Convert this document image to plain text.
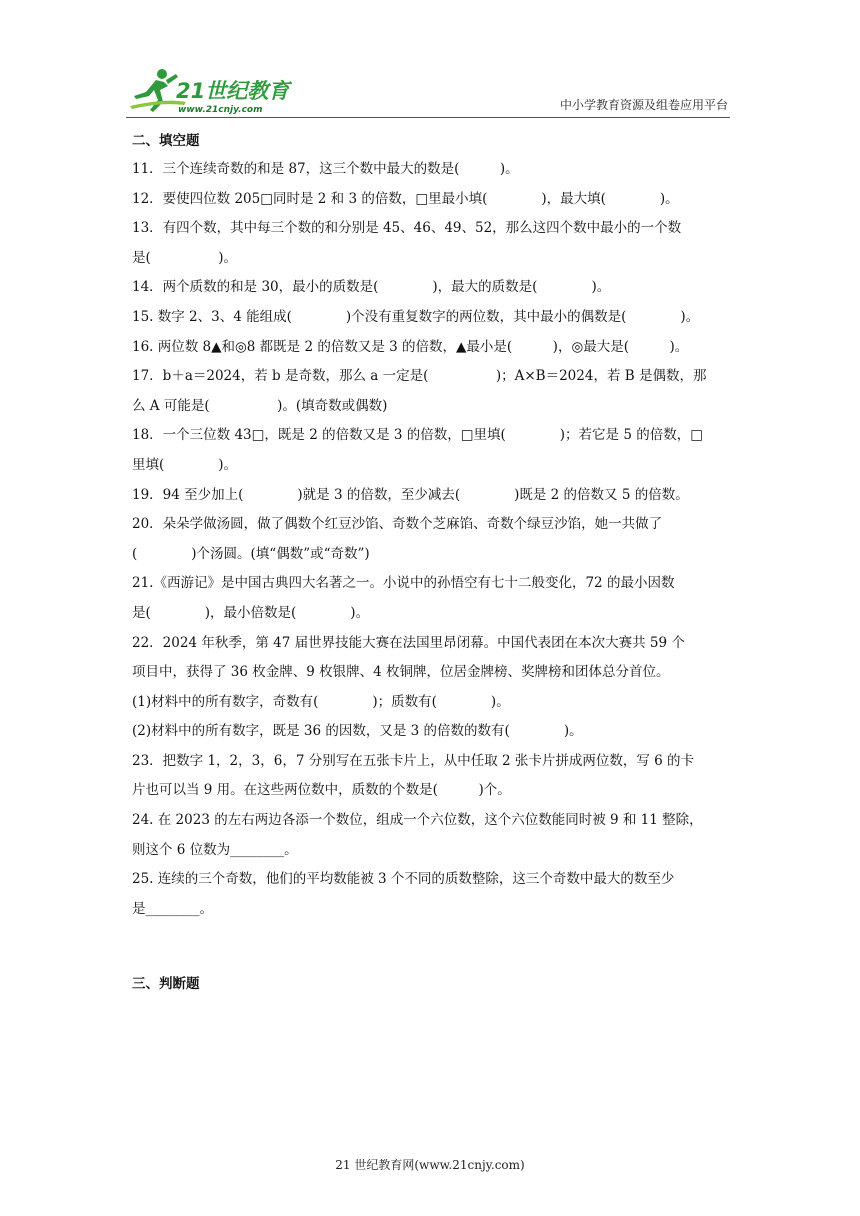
21世纪教育
www.21cnjy.com	中小学教育资源及组卷应用平台
二、填空题

11．三个连续奇数的和是 87，这三个数中最大的数是(　　　)。

12．要使四位数 205□同时是 2 和 3 的倍数，□里最小填(　　　　)，最大填(　　　　)。

13．有四个数，其中每三个数的和分别是 45、46、49、52，那么这四个数中最小的一个数

是(　　　　　)。

14．两个质数的和是 30，最小的质数是(　　　　)，最大的质数是(　　　　)。

15. 数字 2、3、4 能组成(　　　　)个没有重复数字的两位数，其中最小的偶数是(　　　　)。

16. 两位数 8▲和◎8 都既是 2 的倍数又是 3 的倍数，▲最小是(　　　)，◎最大是(　　　)。

17．b＋a＝2024，若 b 是奇数，那么 a 一定是(　　　　　)；A×B＝2024，若 B 是偶数，那

么 A 可能是(　　　　　)。(填奇数或偶数)

18．一个三位数 43□，既是 2 的倍数又是 3 的倍数，□里填(　　　　)；若它是 5 的倍数，□

里填(　　　　)。

19．94 至少加上(　　　　)就是 3 的倍数，至少减去(　　　　)既是 2 的倍数又 5 的倍数。

20．朵朵学做汤圆，做了偶数个红豆沙馅、奇数个芝麻馅、奇数个绿豆沙馅，她一共做了

(　　　　)个汤圆。(填“偶数”或“奇数”)

21.《西游记》是中国古典四大名著之一。小说中的孙悟空有七十二般变化，72 的最小因数

是(　　　　)，最小倍数是(　　　　)。

22．2024 年秋季，第 47 届世界技能大赛在法国里昂闭幕。中国代表团在本次大赛共 59 个

项目中，获得了 36 枚金牌、9 枚银牌、4 枚铜牌，位居金牌榜、奖牌榜和团体总分首位。

(1)材料中的所有数字，奇数有(　　　　)；质数有(　　　　)。

(2)材料中的所有数字，既是 36 的因数，又是 3 的倍数的数有(　　　　)。

23．把数字 1，2，3，6，7 分别写在五张卡片上，从中任取 2 张卡片拼成两位数，写 6 的卡

片也可以当 9 用。在这些两位数中，质数的个数是(　　　)个。

24. 在 2023 的左右两边各添一个数位，组成一个六位数，这个六位数能同时被 9 和 11 整除，

则这个 6 位数为________。

25. 连续的三个奇数，他们的平均数能被 3 个不同的质数整除，这三个奇数中最大的数至少

是________。

三、判断题
21 世纪教育网(www.21cnjy.com)
